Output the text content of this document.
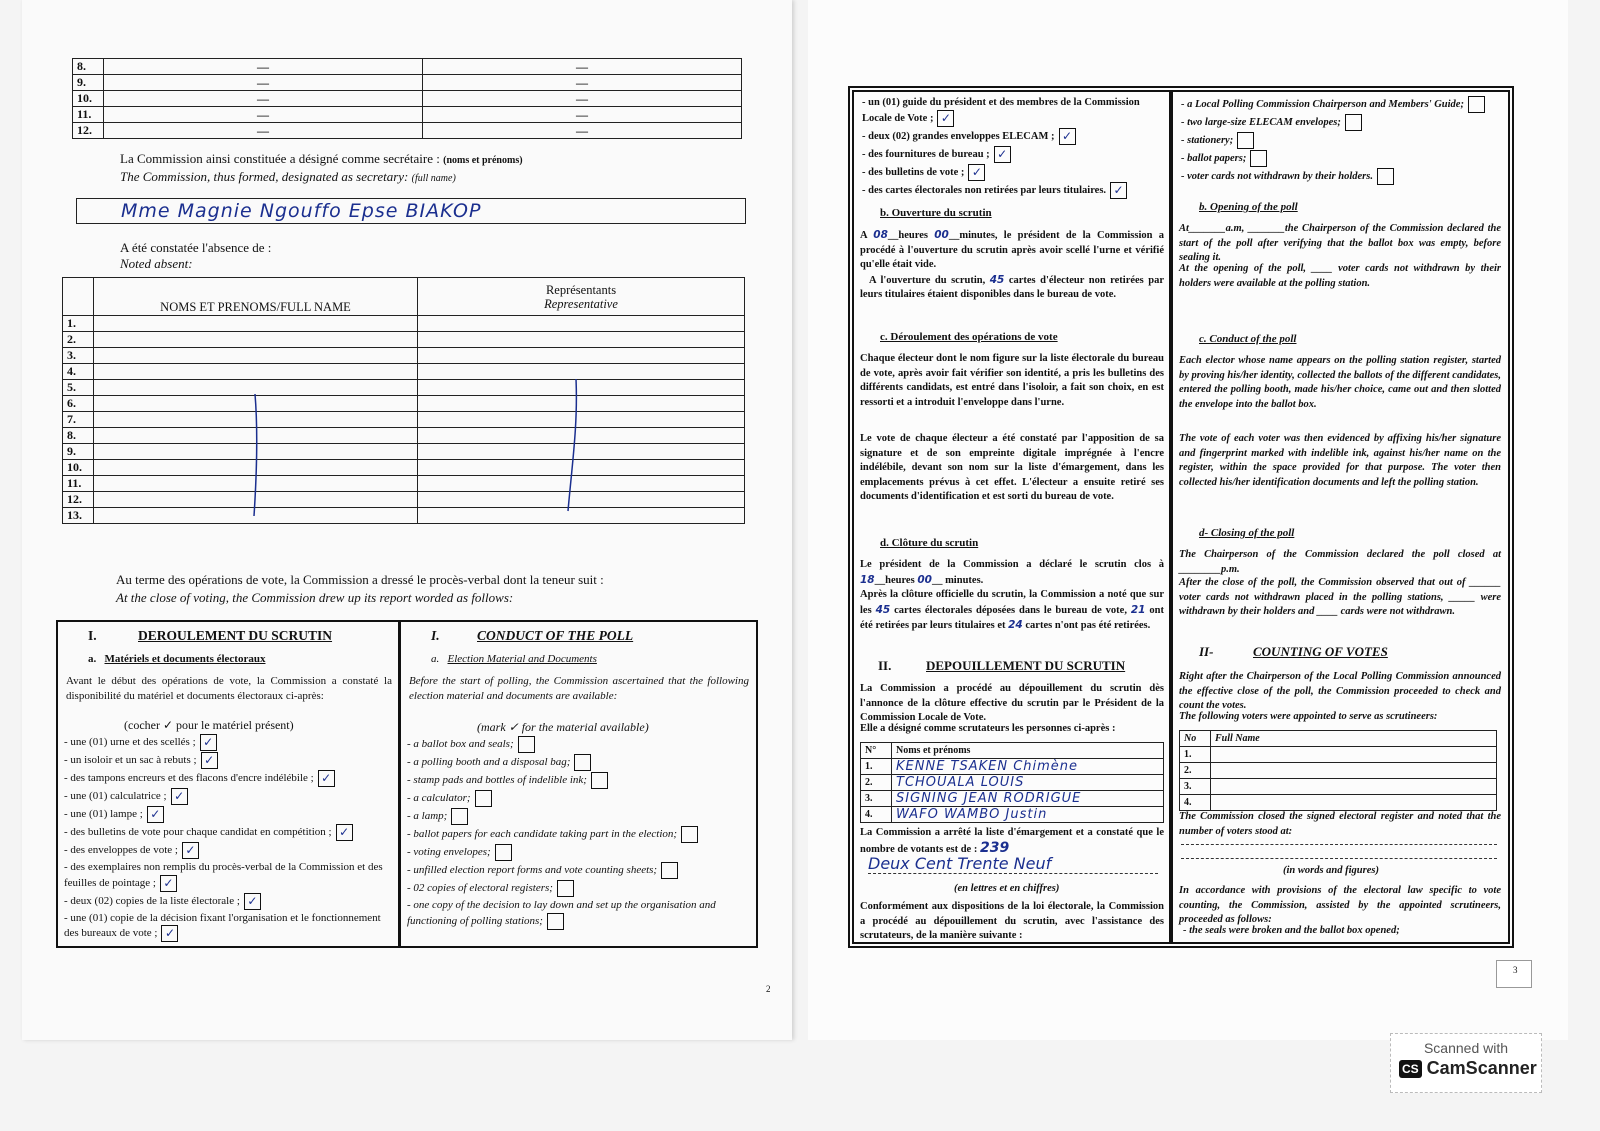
8.	—	—
9.	—	—
10.	—	—
11.	—	—
12.	—	—
La Commission ainsi constituée a désigné comme secrétaire : (noms et prénoms)
The Commission, thus formed, designated as secretary: (full name)
Mme Magnie Ngouffo Epse BIAKOP
A été constatée l'absence de :
Noted absent:
	NOMS ET PRENOMS/FULL NAME	Représentants
Representative

1.		
2.		
3.		
4.		
5.		
6.		
7.		
8.		
9.		
10.		
11.		
12.		
13.		
Au terme des opérations de vote, la Commission a dressé le procès-verbal dont la teneur suit :
At the close of voting, the Commission drew up its report worded as follows:
I.	DEROULEMENT DU SCRUTIN
a. Matériels et documents électoraux
Avant le début des opérations de vote, la Commission a constaté la disponibilité du matériel et documents électoraux ci-après:
(cocher ✓ pour le matériel présent)
- une (01) urne et des scellés ; ✓
- un isoloir et un sac à rebuts ; ✓
- des tampons encreurs et des flacons d'encre indélébile ; ✓
- une (01) calculatrice ; ✓
- une (01) lampe ; ✓
- des bulletins de vote pour chaque candidat en compétition ; ✓
- des enveloppes de vote ; ✓
- des exemplaires non remplis du procès-verbal de la Commission et des feuilles de pointage ; ✓
- deux (02) copies de la liste électorale ; ✓
- une (01) copie de la décision fixant l'organisation et le fonctionnement des bureaux de vote ; ✓
I.	CONDUCT OF THE POLL
a. Election Material and Documents
Before the start of polling, the Commission ascertained that the following election material and documents are available:
(mark ✓ for the material available)
- a ballot box and seals;
- a polling booth and a disposal bag;
- stamp pads and bottles of indelible ink;
- a calculator;
- a lamp;
- ballot papers for each candidate taking part in the election;
- voting envelopes;
- unfilled election report forms and vote counting sheets;
- 02 copies of electoral registers;
- one copy of the decision to lay down and set up the organisation and functioning of polling stations;
2
- un (01) guide du président et des membres de la Commission Locale de Vote ; ✓
- deux (02) grandes enveloppes ELECAM ; ✓
- des fournitures de bureau ; ✓
- des bulletins de vote ; ✓
- des cartes électorales non retirées par leurs titulaires. ✓
b. Ouverture du scrutin
A 08__heures 00__minutes, le président de la Commission a procédé à l'ouverture du scrutin après avoir scellé l'urne et vérifié qu'elle était vide.
A l'ouverture du scrutin, 45 cartes d'électeur non retirées par leurs titulaires étaient disponibles dans le bureau de vote.
c. Déroulement des opérations de vote
Chaque électeur dont le nom figure sur la liste électorale du bureau de vote, après avoir fait vérifier son identité, a pris les bulletins des différents candidats, est entré dans l'isoloir, a fait son choix, en est ressorti et a introduit l'enveloppe dans l'urne.
Le vote de chaque électeur a été constaté par l'apposition de sa signature et de son empreinte digitale imprégnée à l'encre indélébile, devant son nom sur la liste d'émargement, dans les emplacements prévus à cet effet. L'électeur a ensuite retiré ses documents d'identification et est sorti du bureau de vote.
d. Clôture du scrutin
Le président de la Commission a déclaré le scrutin clos à 18__heures 00__ minutes.
Après la clôture officielle du scrutin, la Commission a noté que sur les 45 cartes électorales déposées dans le bureau de vote, 21 ont été retirées par leurs titulaires et 24 cartes n'ont pas été retirées.
II.	DEPOUILLEMENT DU SCRUTIN
La Commission a procédé au dépouillement du scrutin dès l'annonce de la clôture effective du scrutin par le Président de la Commission Locale de Vote.
Elle a désigné comme scrutateurs les personnes ci-après :
N°	Noms et prénoms
1.	KENNE TSAKEN Chimène
2.	TCHOUALA LOUIS
3.	SIGNING JEAN RODRIGUE
4.	WAFO WAMBO Justin
La Commission a arrêté la liste d'émargement et a constaté que le nombre de votants est de : 239
Deux Cent Trente Neuf
(en lettres et en chiffres)
Conformément aux dispositions de la loi électorale, la Commission a procédé au dépouillement du scrutin, avec l'assistance des scrutateurs, de la manière suivante :
- a Local Polling Commission Chairperson and Members' Guide;
- two large-size ELECAM envelopes;
- stationery;
- ballot papers;
- voter cards not withdrawn by their holders.
b. Opening of the poll
At_______a.m, _______the Chairperson of the Commission declared the start of the poll after verifying that the ballot box was empty, before sealing it.
At the opening of the poll, ____ voter cards not withdrawn by their holders were available at the polling station.
c. Conduct of the poll
Each elector whose name appears on the polling station register, started by proving his/her identity, collected the ballots of the different candidates, entered the polling booth, made his/her choice, came out and then slotted the envelope into the ballot box.
The vote of each voter was then evidenced by affixing his/her signature and fingerprint marked with indelible ink, against his/her name on the register, within the space provided for that purpose. The voter then collected his/her identification documents and left the polling station.
d- Closing of the poll
The Chairperson of the Commission declared the poll closed at ________p.m.
After the close of the poll, the Commission observed that out of ______ voter cards not withdrawn placed in the polling stations, _____ were withdrawn by their holders and ____ cards were not withdrawn.
II-	COUNTING OF VOTES
Right after the Chairperson of the Local Polling Commission announced the effective close of the poll, the Commission proceeded to check and count the votes.
The following voters were appointed to serve as scrutineers:
No	Full Name
1.	
2.	
3.	
4.	
The Commission closed the signed electoral register and noted that the number of voters stood at:
(in words and figures)
In accordance with provisions of the electoral law specific to vote counting, the Commission, assisted by the appointed scrutineers, proceeded as follows:
- the seals were broken and the ballot box opened;
3
Scanned with
CS CamScanner
